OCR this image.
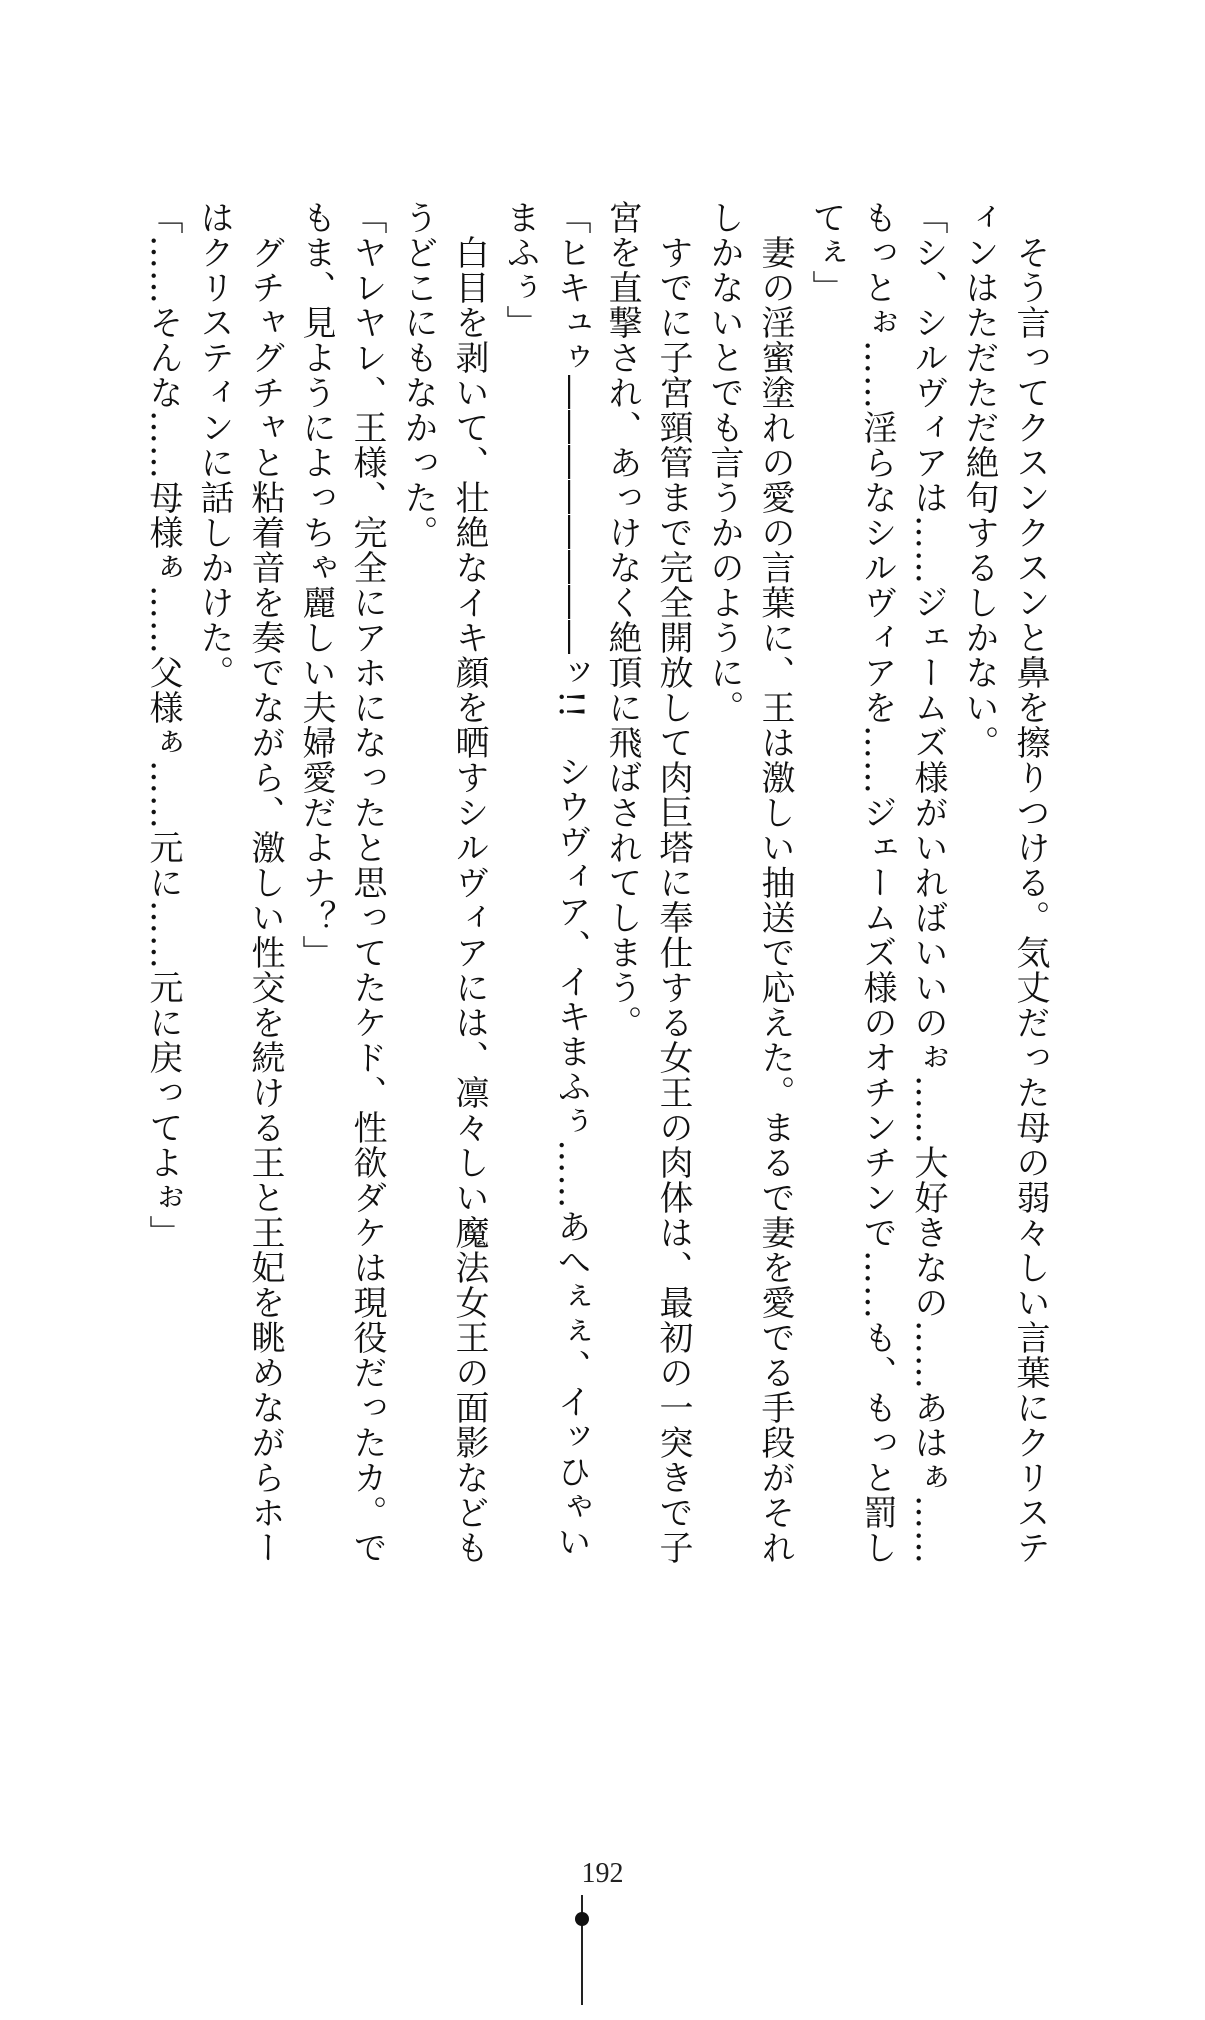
　そう言ってクスンクスンと鼻を擦りつける。気丈だった母の弱々しい言葉にクリスティンはただただ絶句するしかない。

「シ、シルヴィアは……ジェームズ様がいればいいのぉ……大好きなの……あはぁ……もっとぉ……淫らなシルヴィアを……ジェームズ様のオチンチンで……も、もっと罰してぇ」

　妻の淫蜜塗れの愛の言葉に、王は激しい抽送で応えた。まるで妻を愛でる手段がそれしかないとでも言うかのように。

　すでに子宮頸管まで完全開放して肉巨塔に奉仕する女王の肉体は、最初の一突きで子宮を直撃され、あっけなく絶頂に飛ばされてしまう。

「ヒキュゥ――――――――ッ!!　シウヴィア、イキまふぅ……あへぇぇ、イッひゃいまふぅ」

　白目を剥いて、壮絶なイキ顔を晒すシルヴィアには、凛々しい魔法女王の面影などもうどこにもなかった。

「ヤレヤレ、王様、完全にアホになったと思ってたケド、性欲ダケは現役だったカ。でもま、見ようによっちゃ麗しい夫婦愛だよナ？」

　グチャグチャと粘着音を奏でながら、激しい性交を続ける王と王妃を眺めながらホーはクリスティンに話しかけた。

「……そんな……母様ぁ……父様ぁ……元に……元に戻ってよぉ」

192
